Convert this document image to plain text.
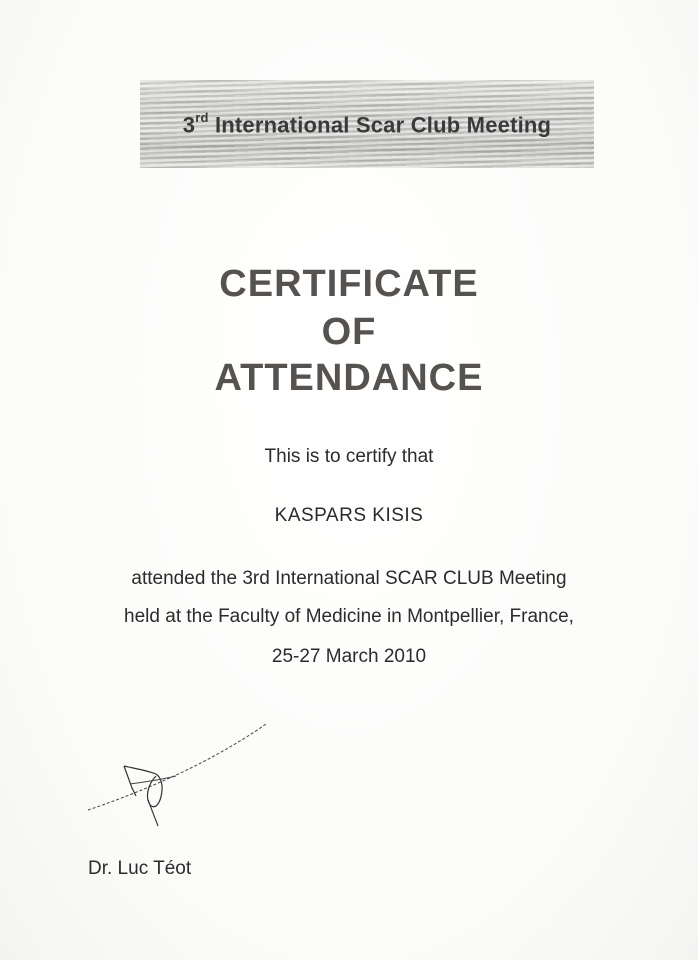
3rd International Scar Club Meeting
CERTIFICATE
OF
ATTENDANCE
This is to certify that
KASPARS KISIS
attended the 3rd International SCAR CLUB Meeting
held at the Faculty of Medicine in Montpellier, France,
25-27 March 2010
Dr. Luc Téot
